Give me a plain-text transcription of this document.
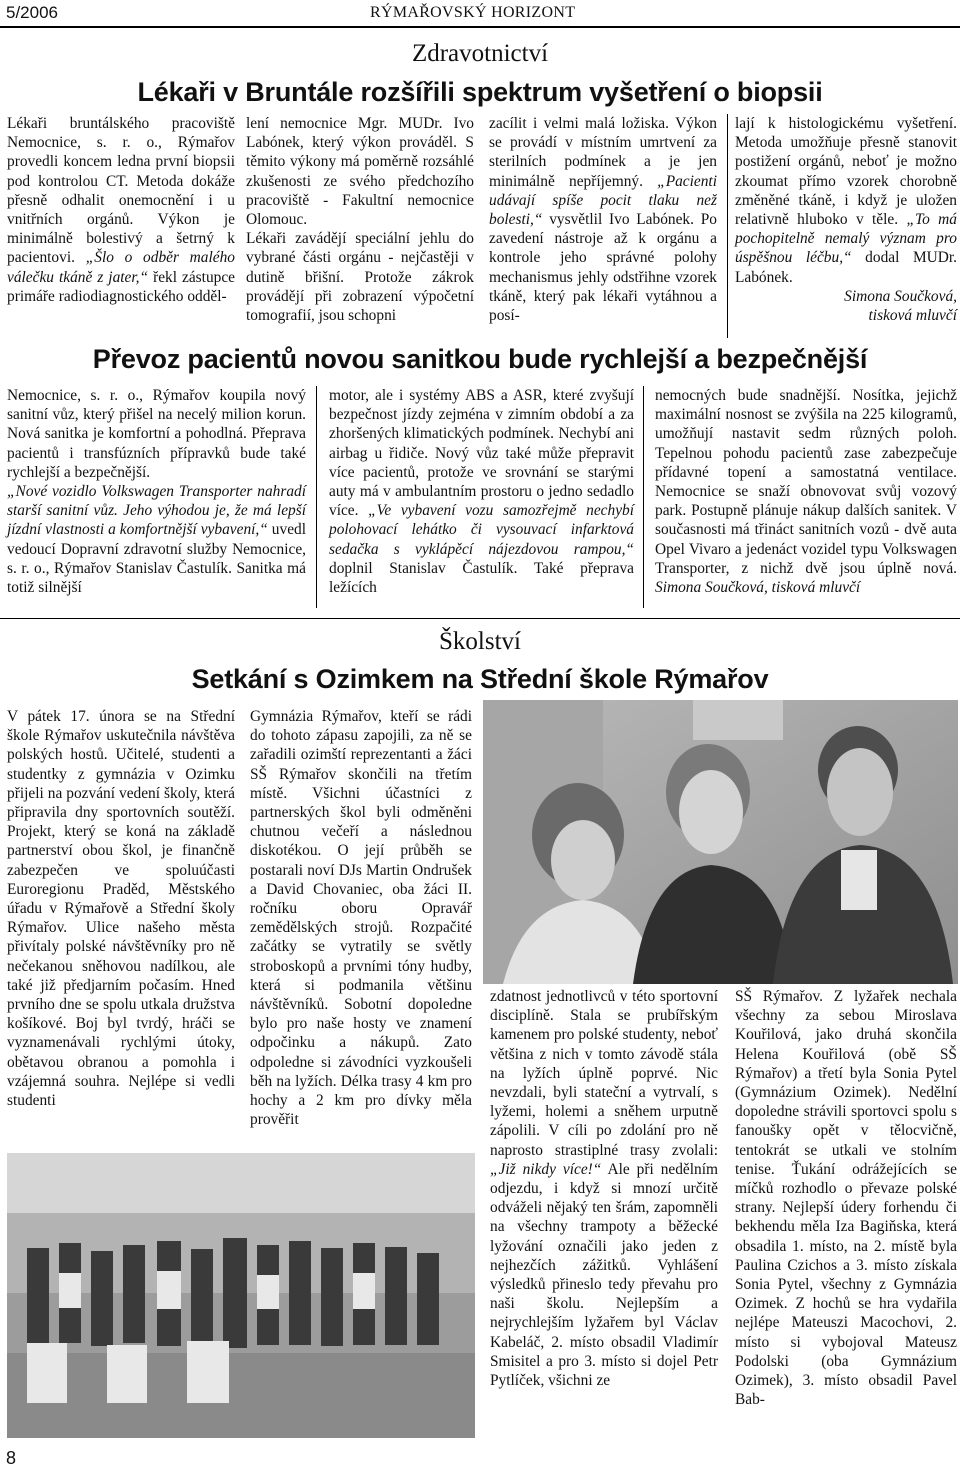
5/2006	RÝMAŘOVSKÝ HORIZONT
Zdravotnictví
Lékaři v Bruntále rozšířili spektrum vyšetření o biopsii

Lékaři bruntálského pracoviště Nemocnice, s. r. o., Rýmařov provedli koncem ledna první biopsii pod kontrolou CT. Metoda dokáže přesně odhalit onemocnění i u vnitřních orgánů. Výkon je minimálně bolestivý a šetrný k pacientovi. „Šlo o odběr malého válečku tkáně z jater,“ řekl zástupce primáře radiodiagnostického odděl-

lení nemocnice Mgr. MUDr. Ivo Labónek, který výkon prováděl. S těmito výkony má poměrně rozsáhlé zkušenosti ze svého předchozího pracoviště - Fakultní nemocnice Olomouc.

Lékaři zavádějí speciální jehlu do vybrané části orgánu - nejčastěji v dutině břišní. Protože zákrok provádějí při zobrazení výpočetní tomografií, jsou schopni

zacílit i velmi malá ložiska. Výkon se provádí v místním umrtvení za sterilních podmínek a je jen minimálně nepříjemný. „Pacienti udávají spíše pocit tlaku než bolesti,“ vysvětlil Ivo Labónek. Po zavedení nástroje až k orgánu a kontrole jeho správné polohy mechanismus jehly odstřihne vzorek tkáně, který pak lékaři vytáhnou a posí-

lají k histologickému vyšetření. Metoda umožňuje přesně stanovit postižení orgánů, neboť je možno zkoumat přímo vzorek chorobně změněné tkáně, i když je uložen relativně hluboko v těle. „To má pochopitelně nemalý význam pro úspěšnou léčbu,“ dodal MUDr. Labónek.

Simona Součková,

tisková mluvčí

Převoz pacientů novou sanitkou bude rychlejší a bezpečnější

Nemocnice, s. r. o., Rýmařov koupila nový sanitní vůz, který přišel na necelý milion korun. Nová sanitka je komfortní a pohodlná. Přeprava pacientů i transfúzních přípravků bude také rychlejší a bezpečnější.

„Nové vozidlo Volkswagen Transporter nahradí starší sanitní vůz. Jeho výhodou je, že má lepší jízdní vlastnosti a komfortnější vybavení,“ uvedl vedoucí Dopravní zdravotní služby Nemocnice, s. r. o., Rýmařov Stanislav Častulík. Sanitka má totiž silnější

motor, ale i systémy ABS a ASR, které zvyšují bezpečnost jízdy zejména v zimním období a za zhoršených klimatických podmínek. Nechybí ani airbag u řidiče. Nový vůz také může přepravit více pacientů, protože ve srovnání se starými auty má v ambulantním prostoru o jedno sedadlo více. „Ve vybavení vozu samozřejmě nechybí polohovací lehátko či vysouvací infarktová sedačka s vyklápěcí nájezdovou rampou,“ doplnil Stanislav Častulík. Také přeprava ležících

nemocných bude snadnější. Nosítka, jejichž maximální nosnost se zvýšila na 225 kilogramů, umožňují nastavit sedm různých poloh. Tepelnou pohodu pacientů zase zabezpečuje přídavné topení a samostatná ventilace. Nemocnice se snaží obnovovat svůj vozový park. Postupně plánuje nákup dalších sanitek. V současnosti má třináct sanitních vozů - dvě auta Opel Vivaro a jedenáct vozidel typu Volkswagen Transporter, z nichž dvě jsou úplně nová. Simona Součková, tisková mluvčí

Školství
Setkání s Ozimkem na Střední škole Rýmařov

V pátek 17. února se na Střední škole Rýmařov uskutečnila návštěva polských hostů. Učitelé, studenti a studentky z gymnázia v Ozimku přijeli na pozvání vedení školy, která připravila dny sportovních soutěží. Projekt, který se koná na základě partnerství obou škol, je finančně zabezpečen ve spoluúčasti Euroregionu Praděd, Městského úřadu v Rýmařově a Střední školy Rýmařov. Ulice našeho města přivítaly polské návštěvníky pro ně nečekanou sněhovou nadílkou, ale také již předjarním počasím. Hned prvního dne se spolu utkala družstva košíkové. Boj byl tvrdý, hráči se vyznamenávali rychlými útoky, obětavou obranou a pomohla i vzájemná souhra. Nejlépe si vedli studenti

Gymnázia Rýmařov, kteří se rádi do tohoto zápasu zapojili, za ně se zařadili ozimští reprezentanti a žáci SŠ Rýmařov skončili na třetím místě. Všichni účastníci z partnerských škol byli odměněni chutnou večeří a následnou diskotékou. O její průběh se postarali noví DJs Martin Ondrušek a David Chovaniec, oba žáci II. ročníku oboru Opravář zemědělských strojů. Rozpačité začátky se vytratily se světly stroboskopů a prvními tóny hudby, která si podmanila většinu návštěvníků. Sobotní dopoledne bylo pro naše hosty ve znamení odpočinku a nákupů. Zato odpoledne si závodníci vyzkoušeli běh na lyžích. Délka trasy 4 km pro hochy a 2 km pro dívky měla prověřit

zdatnost jednotlivců v této sportovní disciplíně. Stala se prubířským kamenem pro polské studenty, neboť většina z nich v tomto závodě stála na lyžích úplně poprvé. Nic nevzdali, byli stateční a vytrvalí, s lyžemi, holemi a sněhem urputně zápolili. V cíli po zdolání pro ně naprosto strastiplné trasy zvolali: „Již nikdy více!“ Ale při nedělním odjezdu, i když si mnozí určitě odváželi nějaký ten šrám, zapomněli na všechny trampoty a běžecké lyžování označili jako jeden z nejhezčích zážitků. Vyhlášení výsledků přineslo tedy převahu pro naši školu. Nejlepším a nejrychlejším lyžařem byl Václav Kabeláč, 2. místo obsadil Vladimír Smisitel a pro 3. místo si dojel Petr Pytlíček, všichni ze

SŠ Rýmařov. Z lyžařek nechala všechny za sebou Miroslava Kouřilová, jako druhá skončila Helena Kouřilová (obě SŠ Rýmařov) a třetí byla Sonia Pytel (Gymnázium Ozimek). Nedělní dopoledne strávili sportovci spolu s fanoušky opět v tělocvičně, tentokrát se utkali ve stolním tenise. Ťukání odrážejících se míčků rozhodlo o převaze polské strany. Nejlepší údery forhendu či bekhendu měla Iza Bagiňska, která obsadila 1. místo, na 2. místě byla Paulina Czichos a 3. místo získala Sonia Pytel, všechny z Gymnázia Ozimek. Z hochů se hra vydařila nejlépe Mateuszi Macochovi, 2. místo si vybojoval Mateusz Podolski (oba Gymnázium Ozimek), 3. místo obsadil Pavel Bab-

8
